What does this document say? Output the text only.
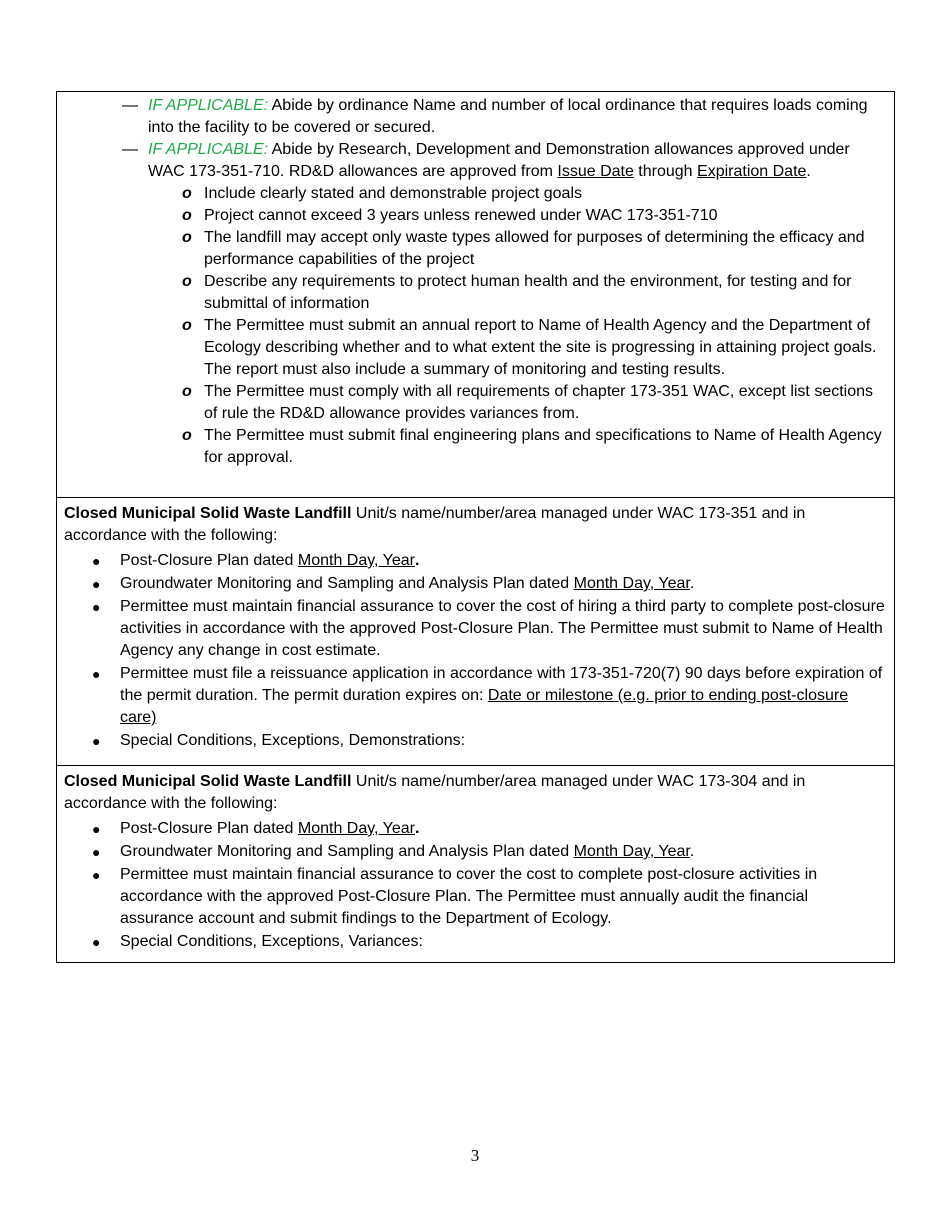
— IF APPLICABLE: Abide by ordinance Name and number of local ordinance that requires loads coming into the facility to be covered or secured.
— IF APPLICABLE: Abide by Research, Development and Demonstration allowances approved under WAC 173-351-710. RD&D allowances are approved from Issue Date through Expiration Date.
o Include clearly stated and demonstrable project goals
o Project cannot exceed 3 years unless renewed under WAC 173-351-710
o The landfill may accept only waste types allowed for purposes of determining the efficacy and performance capabilities of the project
o Describe any requirements to protect human health and the environment, for testing and for submittal of information
o The Permittee must submit an annual report to Name of Health Agency and the Department of Ecology describing whether and to what extent the site is progressing in attaining project goals. The report must also include a summary of monitoring and testing results.
o The Permittee must comply with all requirements of chapter 173-351 WAC, except list sections of rule the RD&D allowance provides variances from.
o The Permittee must submit final engineering plans and specifications to Name of Health Agency for approval.

Closed Municipal Solid Waste Landfill Unit/s name/number/area managed under WAC 173-351 and in accordance with the following:

● Post-Closure Plan dated Month Day, Year.
● Groundwater Monitoring and Sampling and Analysis Plan dated Month Day, Year.
● Permittee must maintain financial assurance to cover the cost of hiring a third party to complete post-closure activities in accordance with the approved Post-Closure Plan. The Permittee must submit to Name of Health Agency any change in cost estimate.
● Permittee must file a reissuance application in accordance with 173-351-720(7) 90 days before expiration of the permit duration. The permit duration expires on: Date or milestone (e.g. prior to ending post-closure care)
● Special Conditions, Exceptions, Demonstrations:

Closed Municipal Solid Waste Landfill Unit/s name/number/area managed under WAC 173-304 and in accordance with the following:

● Post-Closure Plan dated Month Day, Year.
● Groundwater Monitoring and Sampling and Analysis Plan dated Month Day, Year.
● Permittee must maintain financial assurance to cover the cost to complete post-closure activities in accordance with the approved Post-Closure Plan. The Permittee must annually audit the financial assurance account and submit findings to the Department of Ecology.
● Special Conditions, Exceptions, Variances:
3
